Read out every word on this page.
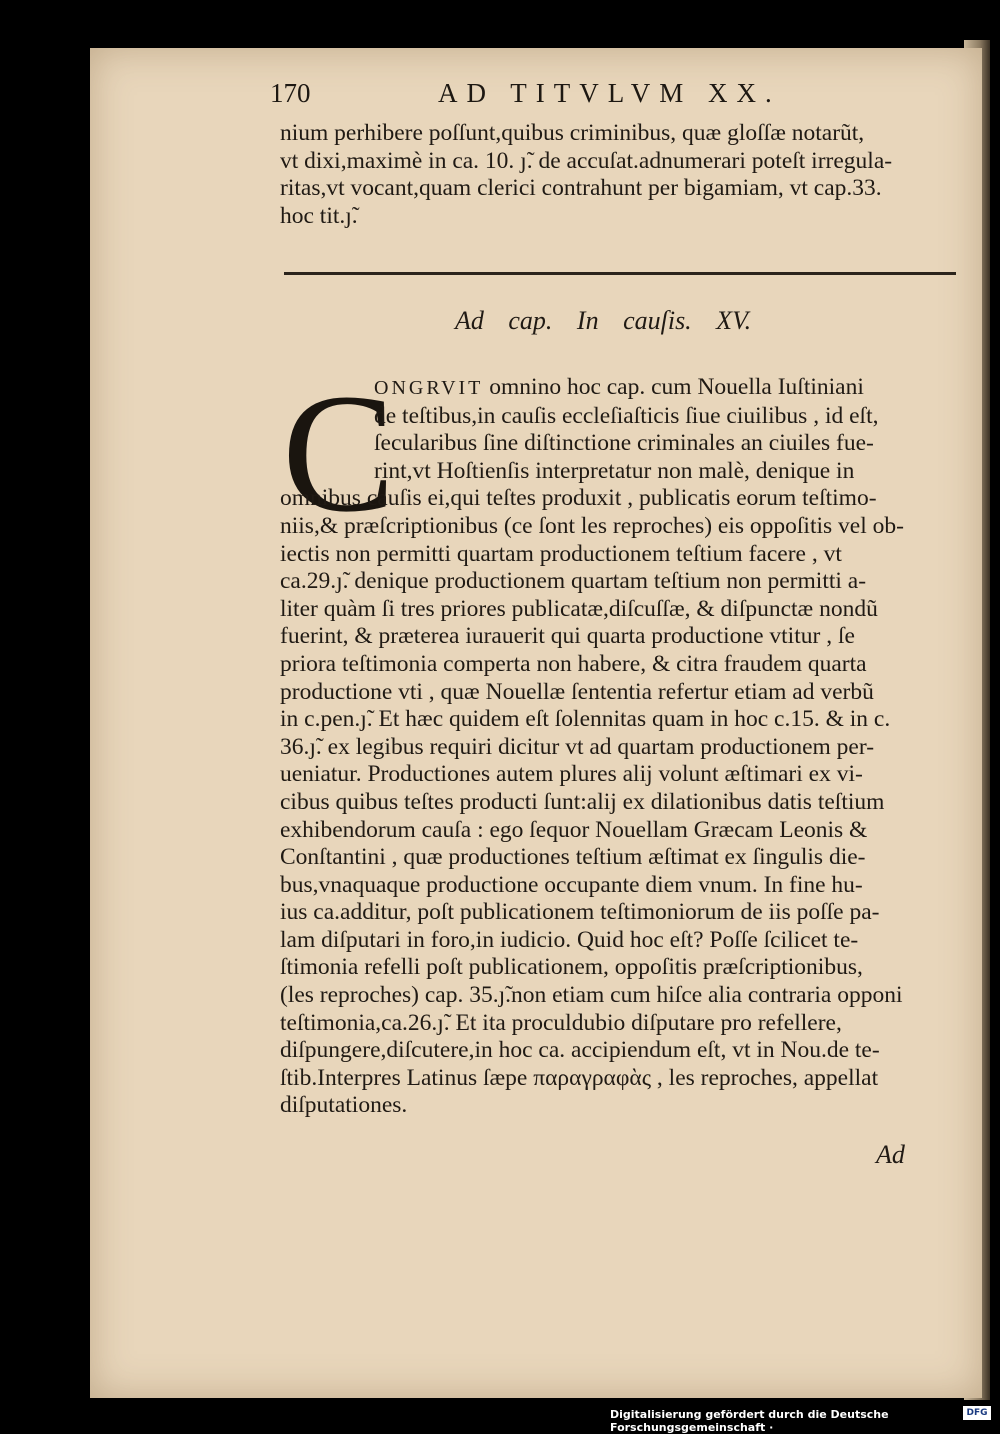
170	AD TITVLVM XX.
nium perhibere poſſunt,quibus criminibus, quæ gloſſæ notarũt,
vt dixi,maximè in ca. 10. ȷ̃. de accuſat.adnumerari poteſt irregula-
ritas,vt vocant,quam clerici contrahunt per bigamiam, vt cap.33.
hoc tit.ȷ̃.
Ad cap. In cauſis. XV.
C
ONGRVIT omnino hoc cap. cum Nouella Iuſtiniani
de teſtibus,in cauſis eccleſiaſticis ſiue ciuilibus , id eſt,
ſecularibus ſine diſtinctione criminales an ciuiles fue-
rint,vt Hoſtienſis interpretatur non malè, denique in
omnibus cauſis ei,qui teſtes produxit , publicatis eorum teſtimo-
niis,& præſcriptionibus (ce ſont les reproches) eis oppoſitis vel ob-
iectis non permitti quartam productionem teſtium facere , vt
ca.29.ȷ̃. denique productionem quartam teſtium non permitti a-
liter quàm ſi tres priores publicatæ,diſcuſſæ, & diſpunctæ nondũ
fuerint, & præterea iurauerit qui quarta productione vtitur , ſe
priora teſtimonia comperta non habere, & citra fraudem quarta
productione vti , quæ Nouellæ ſententia refertur etiam ad verbũ
in c.pen.ȷ̃. Et hæc quidem eſt ſolennitas quam in hoc c.15. & in c.
36.ȷ̃. ex legibus requiri dicitur vt ad quartam productionem per-
ueniatur. Productiones autem plures alij volunt æſtimari ex vi-
cibus quibus teſtes producti ſunt:alij ex dilationibus datis teſtium
exhibendorum cauſa : ego ſequor Nouellam Græcam Leonis &
Conſtantini , quæ productiones teſtium æſtimat ex ſingulis die-
bus,vnaquaque productione occupante diem vnum. In fine hu-
ius ca.additur, poſt publicationem teſtimoniorum de iis poſſe pa-
lam diſputari in foro,in iudicio. Quid hoc eſt? Poſſe ſcilicet te-
ſtimonia refelli poſt publicationem, oppoſitis præſcriptionibus,
(les reproches) cap. 35.ȷ̃.non etiam cum hiſce alia contraria opponi
teſtimonia,ca.26.ȷ̃. Et ita proculdubio diſputare pro refellere,
diſpungere,diſcutere,in hoc ca. accipiendum eſt, vt in Nou.de te-
ſtib.Interpres Latinus ſæpe παραγραφὰς , les reproches, appellat
diſputationes.
Ad
Digitalisierung gefördert durch die Deutsche Forschungsgemeinschaft ·
DFG
